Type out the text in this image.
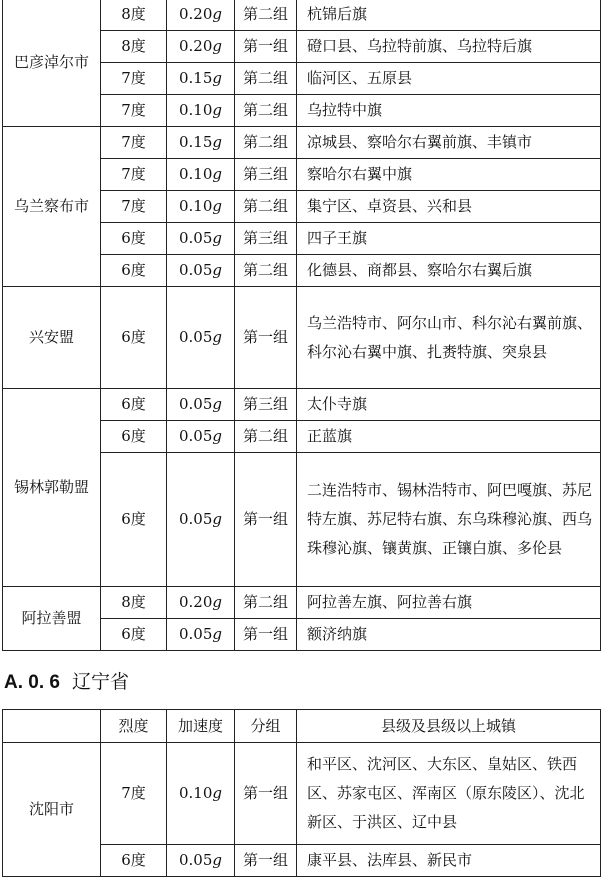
巴彦淖尔市	8度	0.20g	第二组	杭锦后旗
	8度	0.20g	第一组	磴口县、乌拉特前旗、乌拉特后旗
	7度	0.15g	第二组	临河区、五原县
	7度	0.10g	第二组	乌拉特中旗
乌兰察布市	7度	0.15g	第二组	凉城县、察哈尔右翼前旗、丰镇市
	7度	0.10g	第三组	察哈尔右翼中旗
	7度	0.10g	第二组	集宁区、卓资县、兴和县
	6度	0.05g	第三组	四子王旗
	6度	0.05g	第二组	化德县、商都县、察哈尔右翼后旗
兴安盟	6度	0.05g	第一组	乌兰浩特市、阿尔山市、科尔沁右翼前旗、科尔沁右翼中旗、扎赉特旗、突泉县
锡林郭勒盟	6度	0.05g	第三组	太仆寺旗
	6度	0.05g	第二组	正蓝旗
	6度	0.05g	第一组	二连浩特市、锡林浩特市、阿巴嘎旗、苏尼特左旗、苏尼特右旗、东乌珠穆沁旗、西乌珠穆沁旗、镶黄旗、正镶白旗、多伦县
阿拉善盟	8度	0.20g	第二组	阿拉善左旗、阿拉善右旗
	6度	0.05g	第一组	额济纳旗
A. 0. 6 辽宁省
	烈度	加速度	分组	县级及县级以上城镇
沈阳市	7度	0.10g	第一组	和平区、沈河区、大东区、皇姑区、铁西区、苏家屯区、浑南区（原东陵区）、沈北新区、于洪区、辽中县
	6度	0.05g	第一组	康平县、法库县、新民市
